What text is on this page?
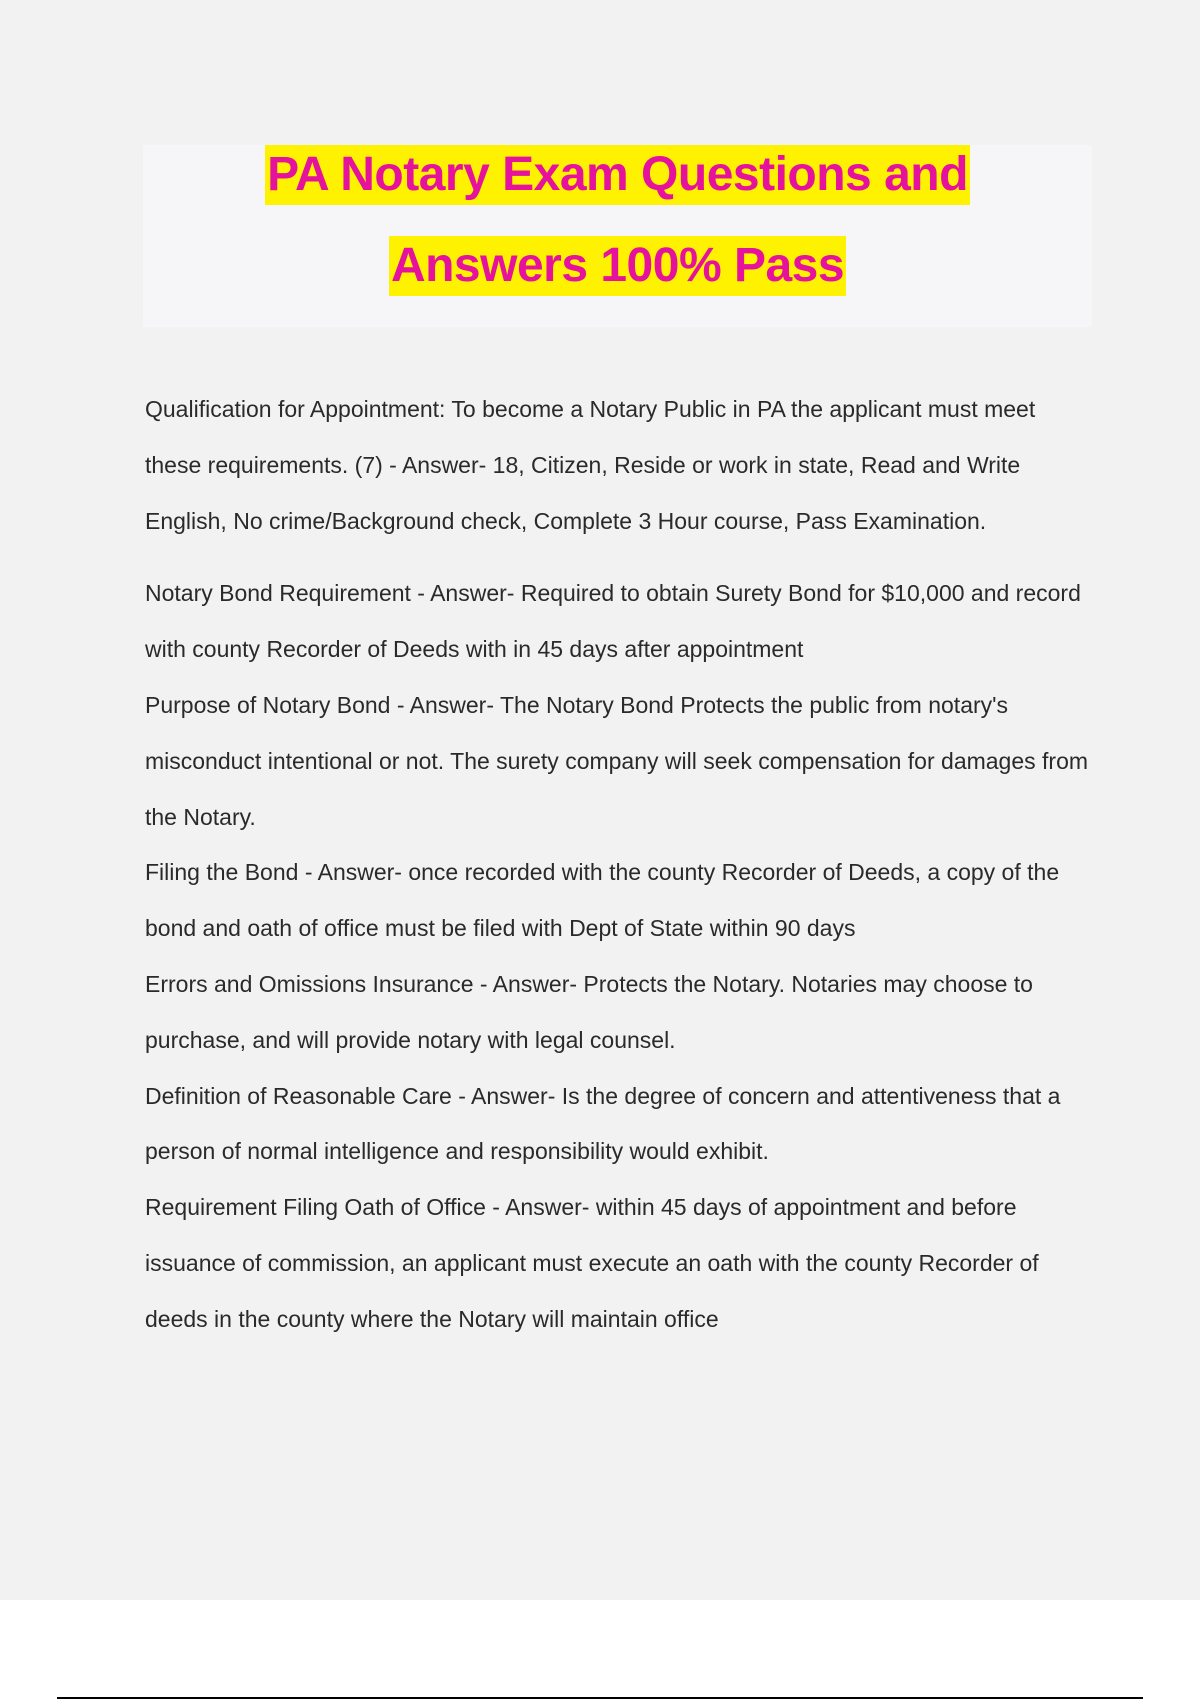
PA Notary Exam Questions and
Answers 100% Pass

Qualification for Appointment: To become a Notary Public in PA the applicant must meet these requirements. (7) - Answer- 18, Citizen, Reside or work in state, Read and Write English, No crime/Background check, Complete 3 Hour course, Pass Examination.

Notary Bond Requirement - Answer- Required to obtain Surety Bond for $10,000 and record with county Recorder of Deeds with in 45 days after appointment

Purpose of Notary Bond - Answer- The Notary Bond Protects the public from notary's misconduct intentional or not. The surety company will seek compensation for damages from the Notary.

Filing the Bond - Answer- once recorded with the county Recorder of Deeds, a copy of the bond and oath of office must be filed with Dept of State within 90 days

Errors and Omissions Insurance - Answer- Protects the Notary. Notaries may choose to purchase, and will provide notary with legal counsel.

Definition of Reasonable Care - Answer- Is the degree of concern and attentiveness that a person of normal intelligence and responsibility would exhibit.

Requirement Filing Oath of Office - Answer- within 45 days of appointment and before issuance of commission, an applicant must execute an oath with the county Recorder of deeds in the county where the Notary will maintain office
